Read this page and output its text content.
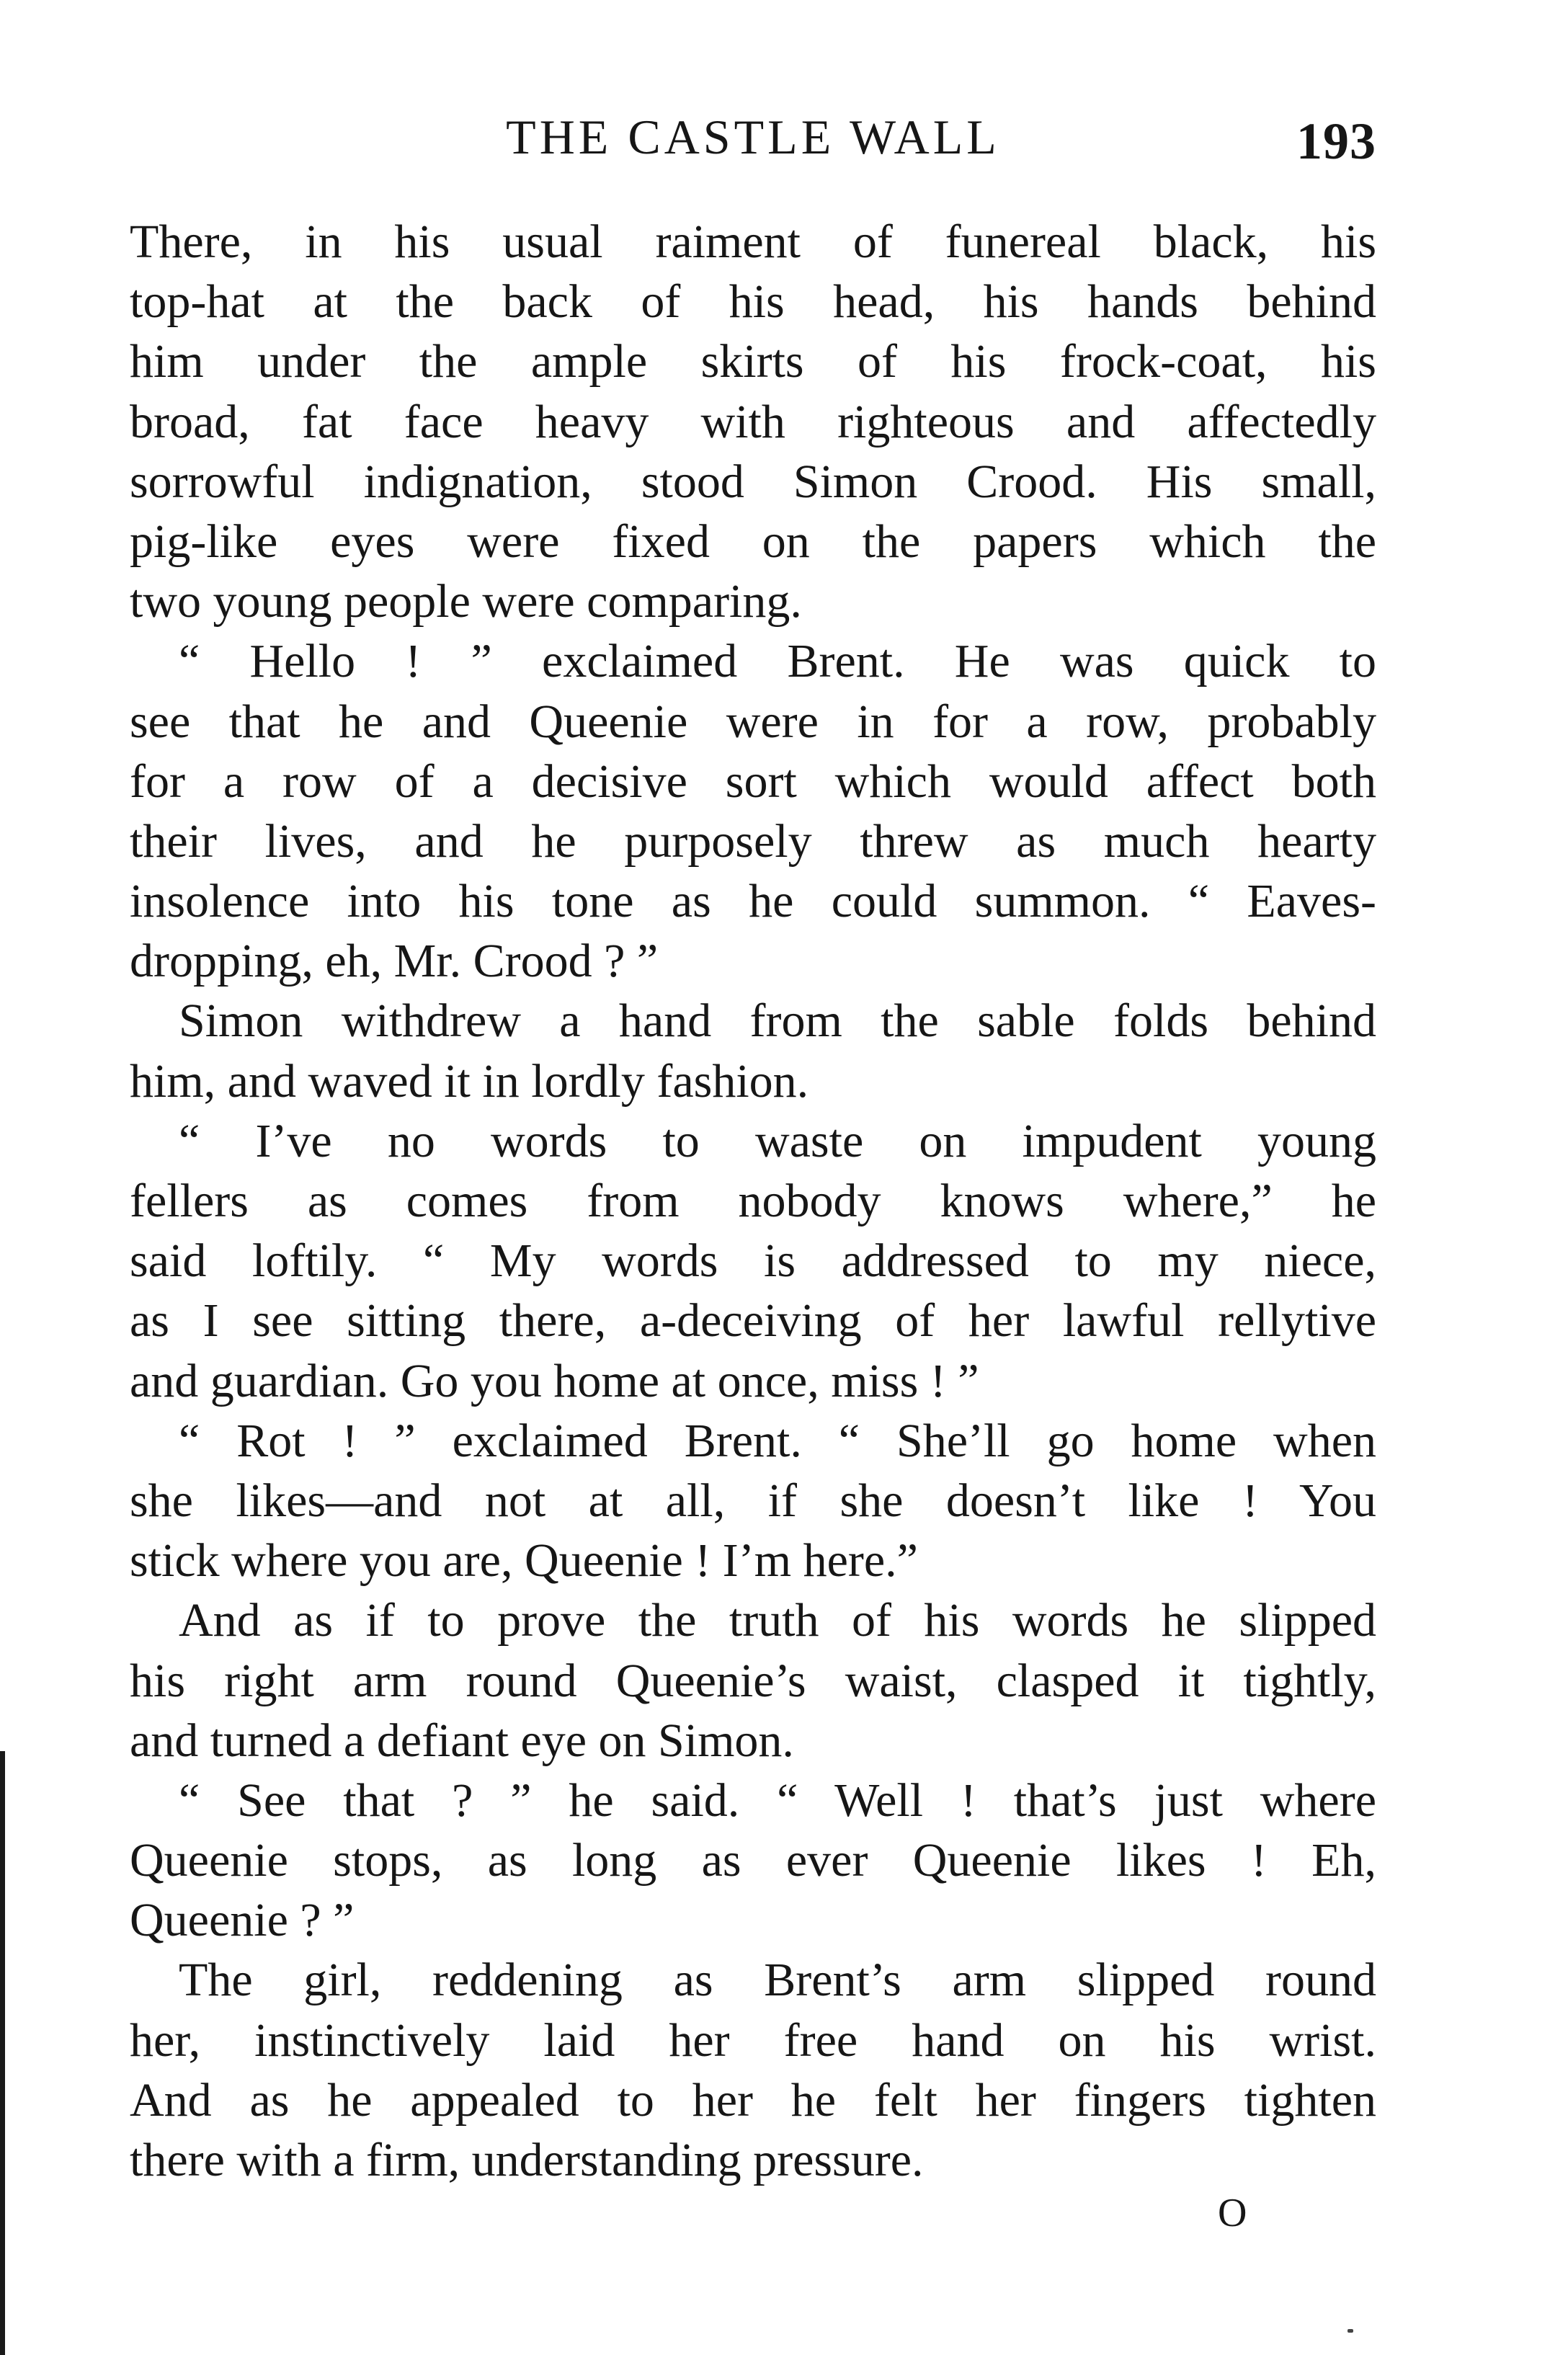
THE CASTLE WALL	193
There, in his usual raiment of funereal black, his
top-hat at the back of his head, his hands behind
him under the ample skirts of his frock-coat, his
broad, fat face heavy with righteous and affectedly
sorrowful indignation, stood Simon Crood. His small,
pig-like eyes were fixed on the papers which the
two young people were comparing.
“ Hello ! ” exclaimed Brent. He was quick to
see that he and Queenie were in for a row, probably
for a row of a decisive sort which would affect both
their lives, and he purposely threw as much hearty
insolence into his tone as he could summon. “ Eaves-
dropping, eh, Mr. Crood ? ”
Simon withdrew a hand from the sable folds behind
him, and waved it in lordly fashion.
“ I’ve no words to waste on impudent young
fellers as comes from nobody knows where,” he
said loftily. “ My words is addressed to my niece,
as I see sitting there, a-deceiving of her lawful rellytive
and guardian. Go you home at once, miss ! ”
“ Rot ! ” exclaimed Brent. “ She’ll go home when
she likes—and not at all, if she doesn’t like ! You
stick where you are, Queenie ! I’m here.”
And as if to prove the truth of his words he slipped
his right arm round Queenie’s waist, clasped it tightly,
and turned a defiant eye on Simon.
“ See that ? ” he said. “ Well ! that’s just where
Queenie stops, as long as ever Queenie likes ! Eh,
Queenie ? ”
The girl, reddening as Brent’s arm slipped round
her, instinctively laid her free hand on his wrist.
And as he appealed to her he felt her fingers tighten
there with a firm, understanding pressure.
O
